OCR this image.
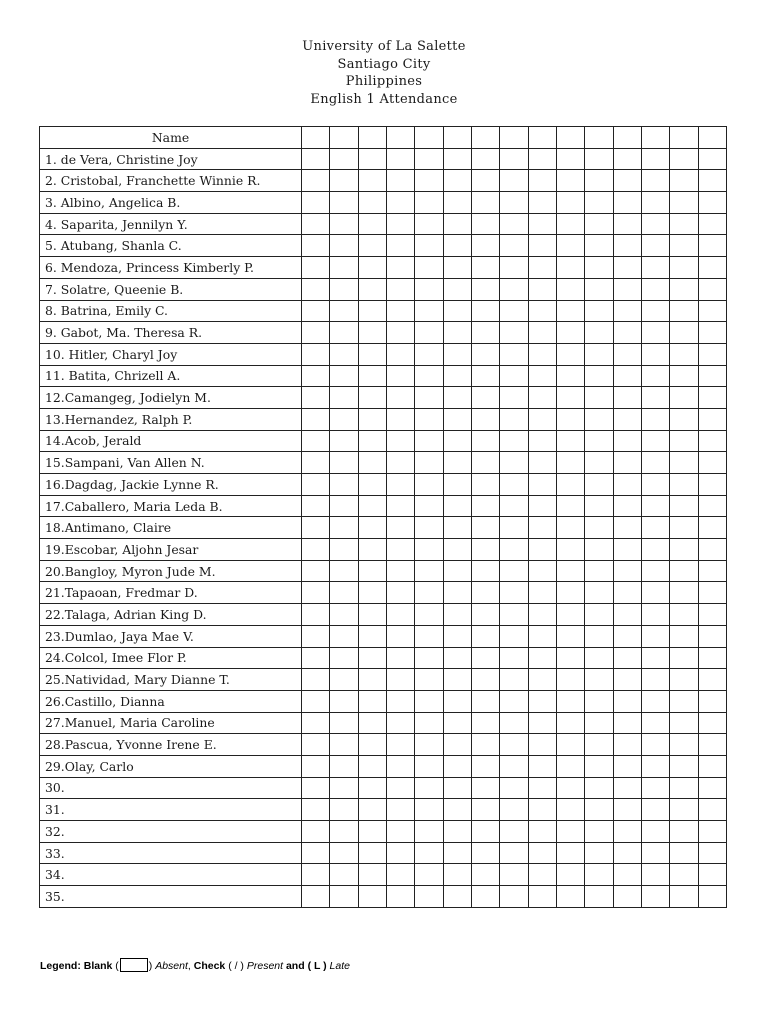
University of La Salette
Santiago City
Philippines
English 1 Attendance
Name															
1. de Vera, Christine Joy															
2. Cristobal, Franchette Winnie R.															
3. Albino, Angelica B.															
4. Saparita, Jennilyn Y.															
5. Atubang, Shanla C.															
6. Mendoza, Princess Kimberly P.															
7. Solatre, Queenie B.															
8. Batrina, Emily C.															
9. Gabot, Ma. Theresa R.															
10. Hitler, Charyl Joy															
11. Batita, Chrizell A.															
12.Camangeg, Jodielyn M.															
13.Hernandez, Ralph P.															
14.Acob, Jerald															
15.Sampani, Van Allen N.															
16.Dagdag, Jackie Lynne R.															
17.Caballero, Maria Leda B.															
18.Antimano, Claire															
19.Escobar, Aljohn Jesar															
20.Bangloy, Myron Jude M.															
21.Tapaoan, Fredmar D.															
22.Talaga, Adrian King D.															
23.Dumlao, Jaya Mae V.															
24.Colcol, Imee Flor P.															
25.Natividad, Mary Dianne T.															
26.Castillo, Dianna															
27.Manuel, Maria Caroline															
28.Pascua, Yvonne Irene E.															
29.Olay, Carlo															
30.															
31.															
32.															
33.															
34.															
35.															
Legend: Blank (	) Absent, Check ( / ) Present and ( L ) Late
